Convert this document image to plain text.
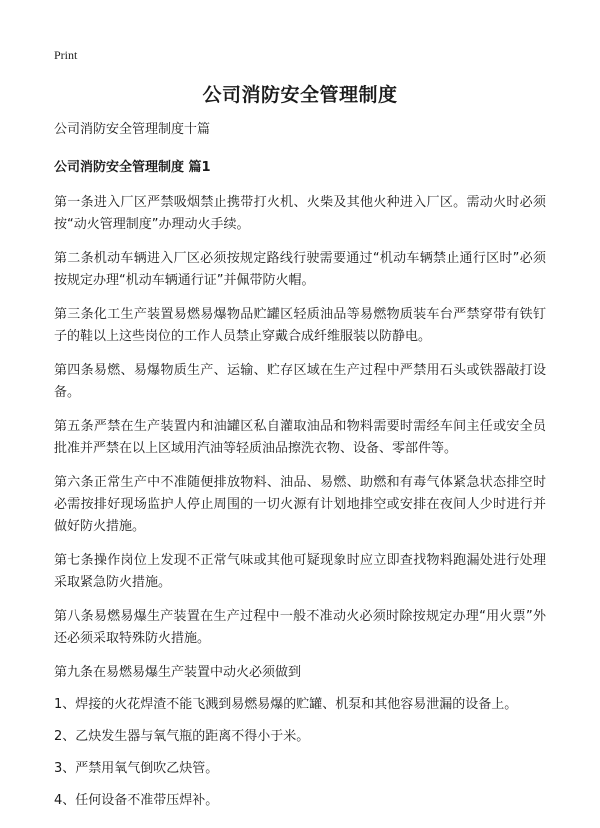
Print
公司消防安全管理制度

公司消防安全管理制度十篇

公司消防安全管理制度 篇1

第一条进入厂区严禁吸烟禁止携带打火机、火柴及其他火种进入厂区。需动火时必须按“动火管理制度”办理动火手续。

第二条机动车辆进入厂区必须按规定路线行驶需要通过“机动车辆禁止通行区时”必须按规定办理“机动车辆通行证”并佩带防火帽。

第三条化工生产装置易燃易爆物品贮罐区轻质油品等易燃物质装车台严禁穿带有铁钉子的鞋以上这些岗位的工作人员禁止穿戴合成纤维服装以防静电。

第四条易燃、易爆物质生产、运输、贮存区域在生产过程中严禁用石头或铁器敲打设备。

第五条严禁在生产装置内和油罐区私自灌取油品和物料需要时需经车间主任或安全员批准并严禁在以上区域用汽油等轻质油品擦洗衣物、设备、零部件等。

第六条正常生产中不准随便排放物料、油品、易燃、助燃和有毒气体紧急状态排空时必需按排好现场监护人停止周围的一切火源有计划地排空或安排在夜间人少时进行并做好防火措施。

第七条操作岗位上发现不正常气味或其他可疑现象时应立即查找物料跑漏处进行处理采取紧急防火措施。

第八条易燃易爆生产装置在生产过程中一般不准动火必须时除按规定办理“用火票”外还必须采取特殊防火措施。

第九条在易燃易爆生产装置中动火必须做到

1、焊接的火花焊渣不能飞溅到易燃易爆的贮罐、机泵和其他容易泄漏的设备上。

2、乙炔发生器与氧气瓶的距离不得小于米。

3、严禁用氧气倒吹乙炔管。

4、任何设备不准带压焊补。
